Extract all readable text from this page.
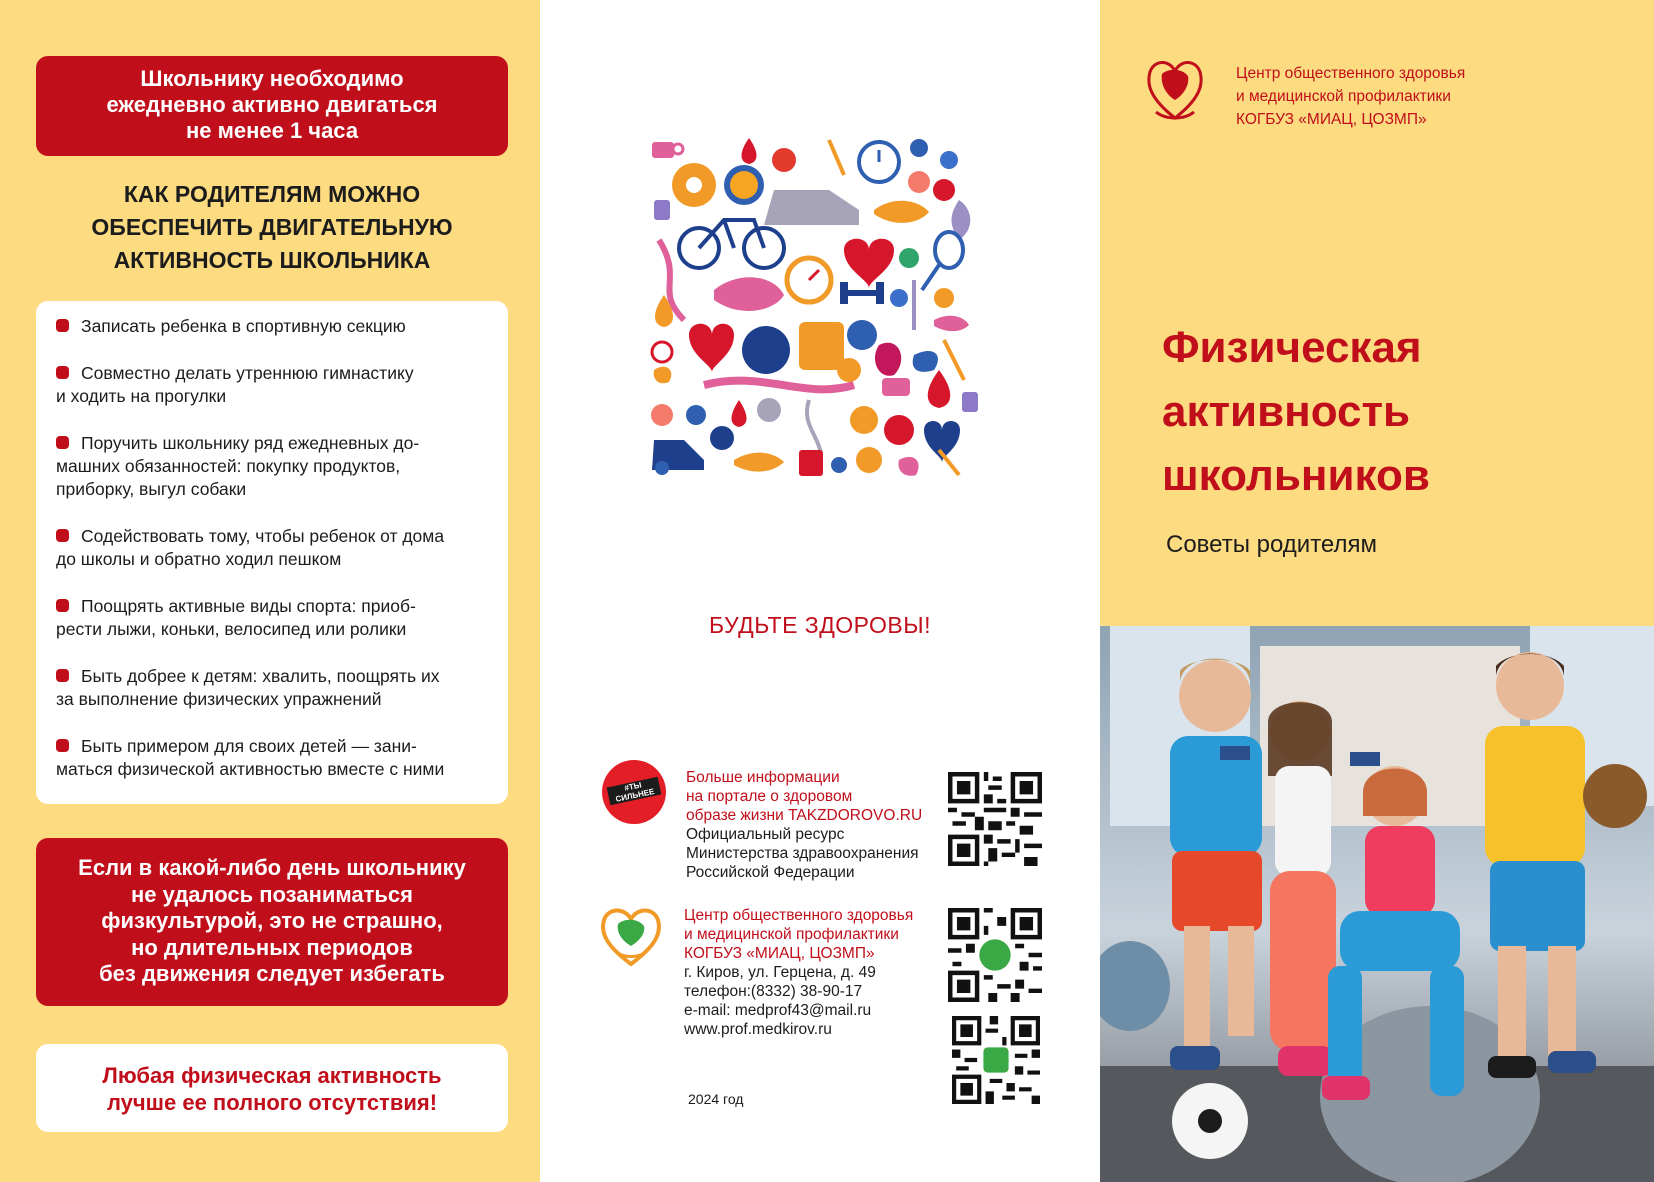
Школьнику необходимо
ежедневно активно двигаться
не менее 1 часа
КАК РОДИТЕЛЯМ МОЖНО
ОБЕСПЕЧИТЬ ДВИГАТЕЛЬНУЮ
АКТИВНОСТЬ ШКОЛЬНИКА
Записать ребенка в спортивную секцию
Совместно делать утреннюю гимнастику
и ходить на прогулки
Поручить школьнику ряд ежедневных до-
машних обязанностей: покупку продуктов,
приборку, выгул собаки
Содействовать тому, чтобы ребенок от дома
до школы и обратно ходил пешком
Поощрять активные виды спорта: приоб-
рести лыжи, коньки, велосипед или ролики
Быть добрее к детям: хвалить, поощрять их
за выполнение физических упражнений
Быть примером для своих детей — зани-
маться физической активностью вместе с ними
Если в какой-либо день школьнику
не удалось позаниматься
физкультурой, это не страшно,
но длительных периодов
без движения следует избегать
Любая физическая активность
лучше ее полного отсутствия!
БУДЬТЕ ЗДОРОВЫ!
#ТЫ СИЛЬНЕЕ
Больше информации
на портале о здоровом
образе жизни TAKZDOROVO.RU
Официальный ресурс
Министерства здравоохранения
Российской Федерации
Центр общественного здоровья
и медицинской профилактики
КОГБУЗ «МИАЦ, ЦОЗМП»
г. Киров, ул. Герцена, д. 49
телефон:(8332) 38-90-17
e-mail: medprof43@mail.ru
www.prof.medkirov.ru
2024 год
Центр общественного здоровья
и медицинской профилактики
КОГБУЗ «МИАЦ, ЦОЗМП»
Физическая
активность
школьников
Советы родителям
